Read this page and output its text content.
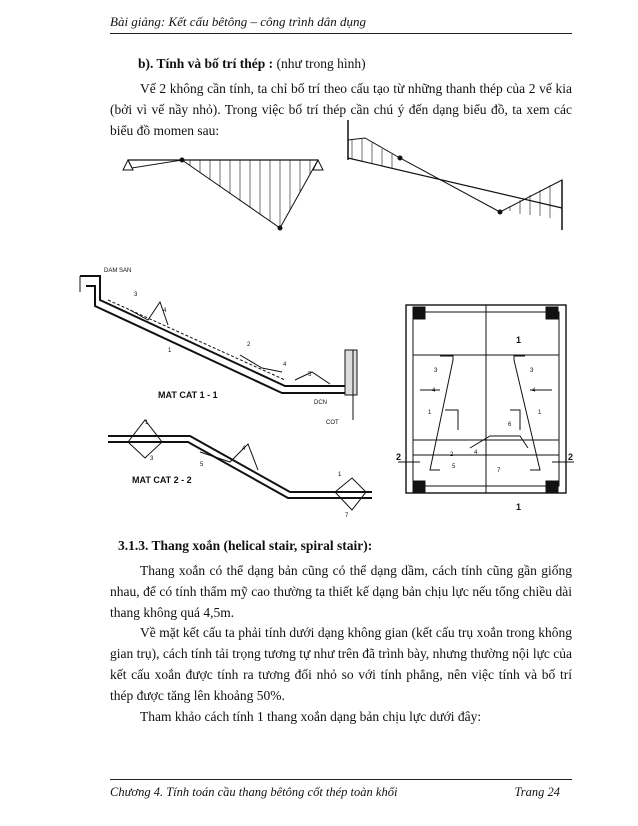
Bài giảng: Kết cấu bêtông – công trình dân dụng
b). Tính và bố trí thép : (như trong hình)

Vế 2 không cần tính, ta chỉ bố trí theo cấu tạo từ những thanh thép của 2 vế kia (bởi vì vế nầy nhỏ). Trong việc bố trí thép cần chú ý đến dạng biểu đồ, ta xem các biểu đồ momen sau:

DAM SAN
3
4
1
2
4
5
MAT CAT 1 - 1
DCN
COT
1
3
5
4
1
7
MAT CAT 2 - 2
1
1
2	2
3	3
4	4
1	1
6
2	4
5
7
3.1.3. Thang xoắn (helical stair, spiral stair):

Thang xoắn có thể dạng bản cũng có thể dạng dầm, cách tính cũng gần giống nhau, để có tính thẩm mỹ cao thường ta thiết kế dạng bản chịu lực nếu tổng chiều dài thang không quá 4,5m.

Về mặt kết cấu ta phải tính dưới dạng không gian (kết cấu trụ xoắn trong không gian trụ), cách tính tải trọng tương tự như trên đã trình bày, nhưng thường nội lực của kết cấu xoắn được tính ra tương đối nhỏ so với tính phẳng, nên việc tính và bố trí thép được tăng lên khoảng 50%.

Tham khảo cách tính 1 thang xoắn dạng bản chịu lực dưới đây:

Chương 4. Tính toán cầu thang bêtông cốt thép toàn khối	Trang 24
